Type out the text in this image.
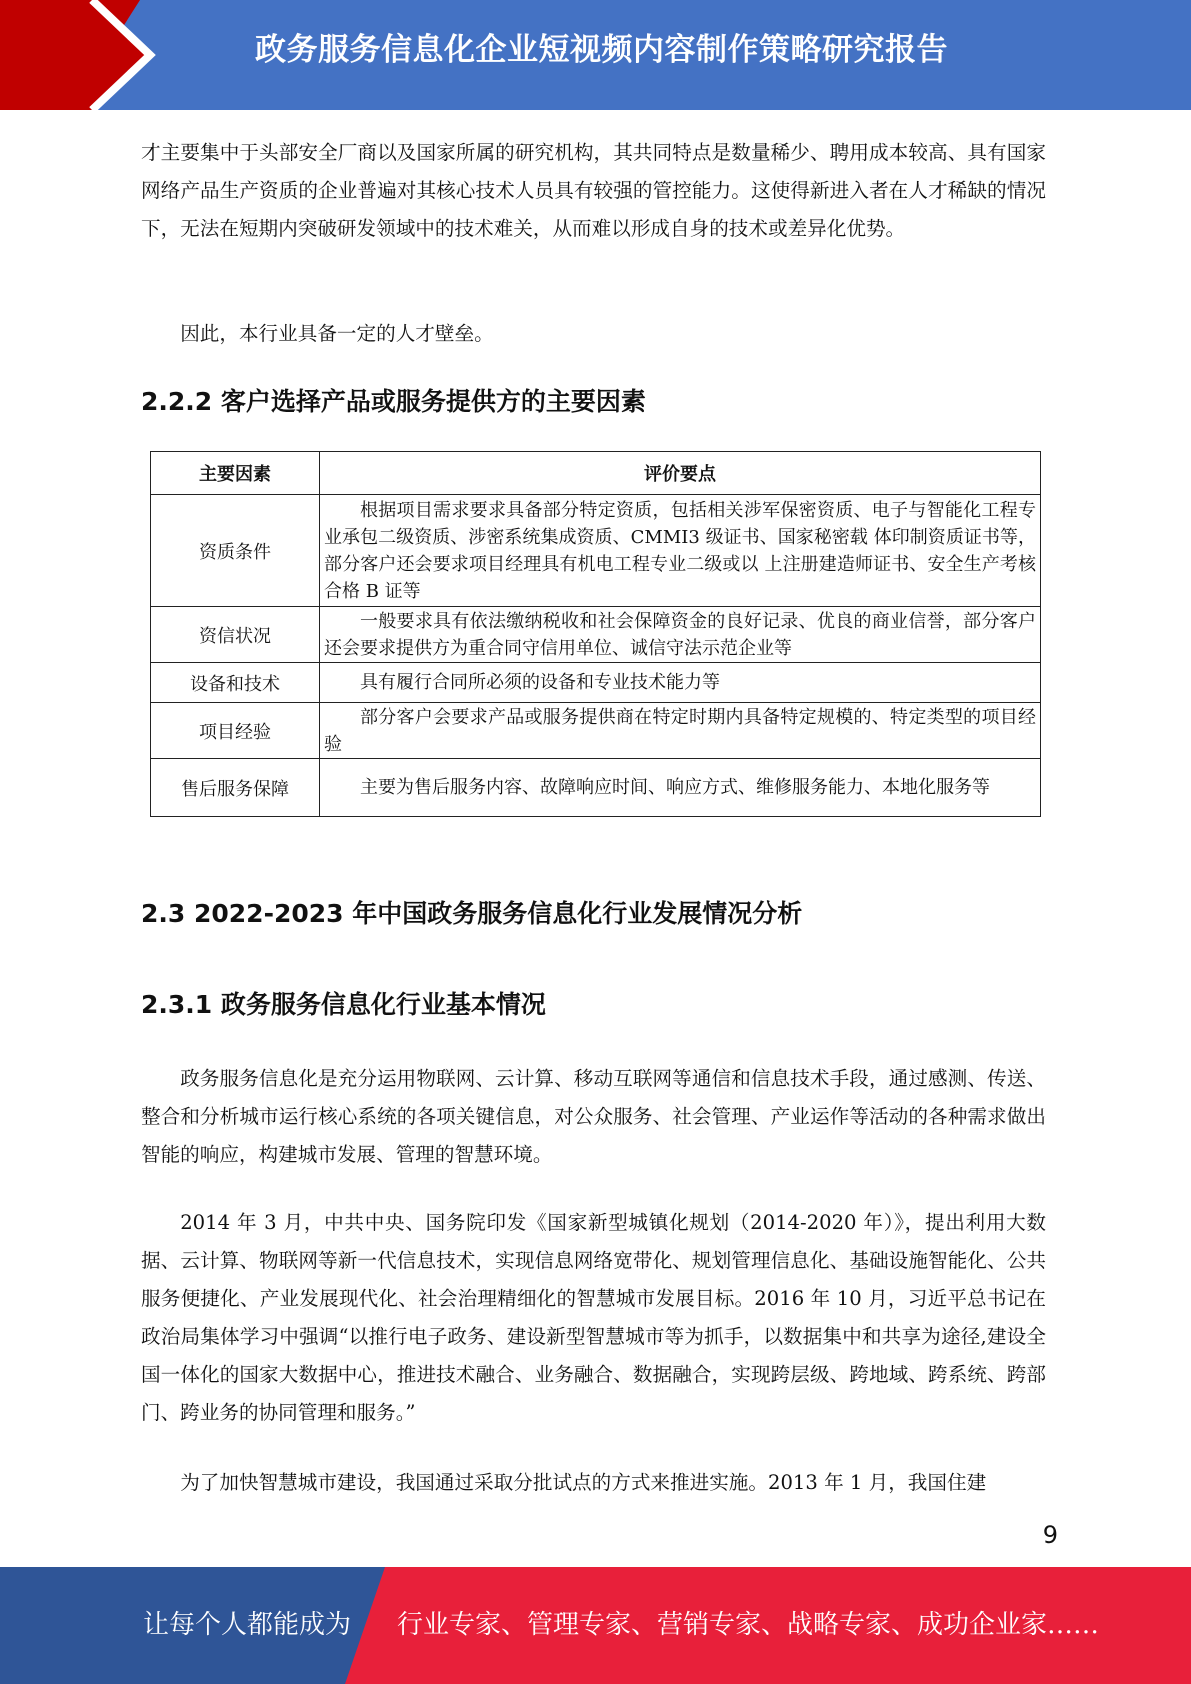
政务服务信息化企业短视频内容制作策略研究报告

才主要集中于头部安全厂商以及国家所属的研究机构，其共同特点是数量稀少、聘用成本较高、具有国家网络产品生产资质的企业普遍对其核心技术人员具有较强的管控能力。这使得新进入者在人才稀缺的情况下，无法在短期内突破研发领域中的技术难关，从而难以形成自身的技术或差异化优势。

因此，本行业具备一定的人才壁垒。

2.2.2 客户选择产品或服务提供方的主要因素
主要因素	评价要点
资质条件	根据项目需求要求具备部分特定资质，包括相关涉军保密资质、电子与智能化工程专业承包二级资质、涉密系统集成资质、CMMI3 级证书、国家秘密载 体印制资质证书等，部分客户还会要求项目经理具有机电工程专业二级或以 上注册建造师证书、安全生产考核合格 B 证等
资信状况	一般要求具有依法缴纳税收和社会保障资金的良好记录、优良的商业信誉，部分客户还会要求提供方为重合同守信用单位、诚信守法示范企业等
设备和技术	具有履行合同所必须的设备和专业技术能力等
项目经验	部分客户会要求产品或服务提供商在特定时期内具备特定规模的、特定类型的项目经验
售后服务保障	主要为售后服务内容、故障响应时间、响应方式、维修服务能力、本地化服务等
2.3 2022-2023 年中国政务服务信息化行业发展情况分析
2.3.1 政务服务信息化行业基本情况

政务服务信息化是充分运用物联网、云计算、移动互联网等通信和信息技术手段，通过感测、传送、整合和分析城市运行核心系统的各项关键信息，对公众服务、社会管理、产业运作等活动的各种需求做出智能的响应，构建城市发展、管理的智慧环境。

2014 年 3 月，中共中央、国务院印发《国家新型城镇化规划（2014-2020 年）》，提出利用大数据、云计算、物联网等新一代信息技术，实现信息网络宽带化、规划管理信息化、基础设施智能化、公共服务便捷化、产业发展现代化、社会治理精细化的智慧城市发展目标。2016 年 10 月，习近平总书记在政治局集体学习中强调“以推行电子政务、建设新型智慧城市等为抓手，以数据集中和共享为途径,建设全国一体化的国家大数据中心，推进技术融合、业务融合、数据融合，实现跨层级、跨地域、跨系统、跨部门、跨业务的协同管理和服务。”

为了加快智慧城市建设，我国通过采取分批试点的方式来推进实施。2013 年 1 月，我国住建

9
让每个人都能成为 行业专家、管理专家、营销专家、战略专家、成功企业家……
